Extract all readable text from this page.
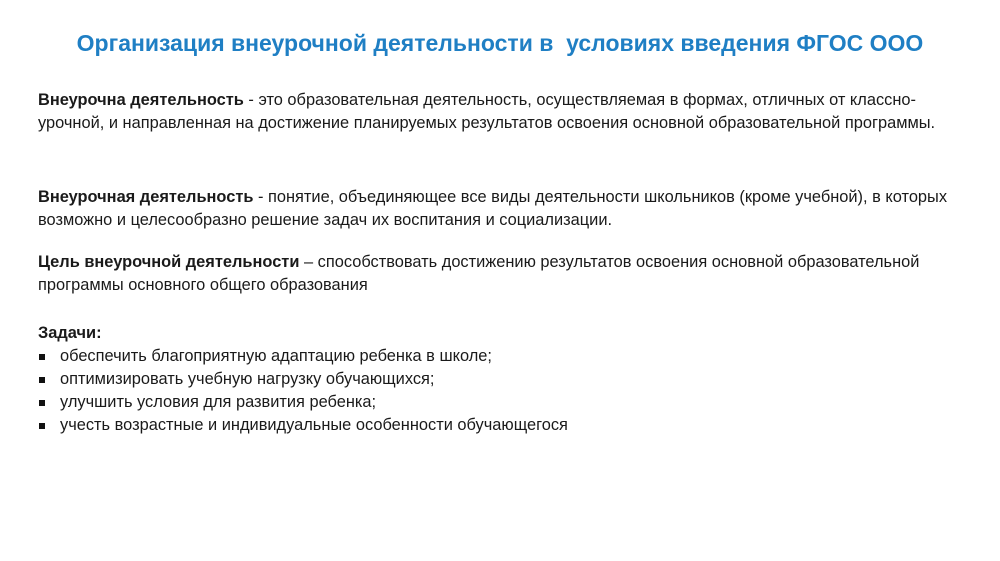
Организация внеурочной деятельности в  условиях введения ФГОС ООО

Внеурочна деятельность - это образовательная деятельность, осуществляемая в формах, отличных от классно-урочной, и направленная на достижение планируемых результатов освоения основной образовательной программы.

Внеурочная деятельность - понятие, объединяющее все виды деятельности школьников (кроме учебной), в которых возможно и целесообразно решение задач их воспитания и социализации.

Цель внеурочной деятельности – способствовать достижению результатов освоения основной образовательной программы основного общего образования

Задачи:

обеспечить благоприятную адаптацию ребенка в школе;
оптимизировать учебную нагрузку обучающихся;
улучшить условия для развития ребенка;
учесть возрастные и индивидуальные особенности обучающегося
